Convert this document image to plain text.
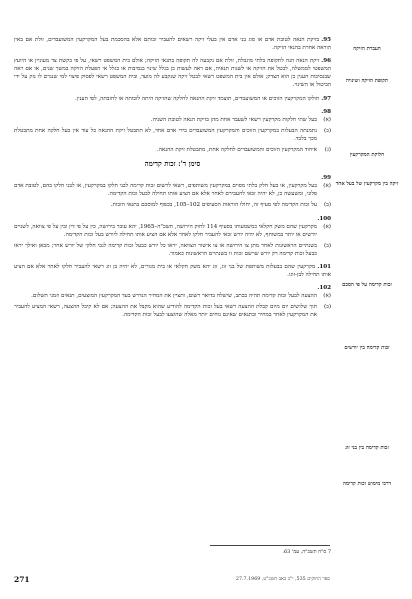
95.בזיקת הנאה לטובת אדם או סוג בני אדם אין בעלי זיקה רשאים להעביר זכותם אלא בהסכמת בעל המקרקעין המשועבדים, זולת אם באין הוראה אחרת בהנאי הזיקה.
96.זיקת הנאה הנה לתקופה בלתי מוגבלת, זולת אם נקבעה לה תקופה בתנאי הזיקה; אולם בית המשפט רשאי, על פי בקשת צד מעוניין או היועץ המשפטי לממשלה, לבטל את הזיקה או לשנות תנאיה, אם ראה לעשות כן בגלל שינוי בנסיבות או בגלל אי הפעלת הזיקה במשך שנים, או אם ראה שבנסיבות הענין כן הוא הצדק; אולם אין בית המשפט רשאי לבטל זיקה שנקבע לה מועד, ובית המשפט רשאי לפסוק פיצוי למי שנגרם לו נזק על ידי הביטול או השינוי.
97.חולקו המקרקעין הזוכים או המשועבדים, תוצמד זיקת ההנאה לחלקה שהזיקה היתה לזכותה או לחובתה, לפי הענין.
98.
(א)
בעל שתי חלקות מקרקעין רשאי לשעבד אחת מהן בזיקת הנאה לטובת השניה.
(ב)
נתמנתה הבעלות במקרקעין הזוכים והמקרקעין המשועבדים בידי אדם אחד, לא תתבטל זיקת ההנאה כל עוד אין בעל חלקה אחת מתבטלת מכך בלבד.
(ג)
איחוד המקרקעין הזוכים והמשועבדים לחלקה אחת, מתבטלת זיקת ההנאה.
סימן ד': זכות קדימה
99.
(א)
בעל מקרקעין, או בעל חלק בלתי מסוים במקרקעין משותפים, רשאי לרשום זכות קדימה לבני חלקו במקרקעין, או לבני חלקו בהם, לטובת אדם פלוני, ומשעשה כן, לא יהיה זכאי להעבירם לאחר אלא אם הציע אותו תחילה לבעל זכות הקדימה.
(ב)
על זכות הקדימה לפי סעיף זה, יחולו הוראות הסעיפים 102–105, בכפוף למוסכם בתנאי הזכות.
100.
(א)
מקרקעין שהם משק חקלאי כמשמעותו בסעיף 114 לחוק הירושה, תשכ"ה–1965, יהא עובר בירושה, כין על פי דין ובין על פי צוואה, לשניים יורשים או יותר במשותף, לא יהיה יורש זכאי להעביר חלקו לאחר אלא אם הציע אותו תחילה ליורש בעל זכות הקדימה.
(ב)
בשנתיים הראשונות לאחר מתן צו הירושה או צו אישור הצוואה, יראו כל יורש כבעל זכות קדימה לגבי חלקי של יורש אחר; מכאן ואילך יראו כבעל זכות קדימה רק יורש שרשם זכות זו בשנתיים הראשונות כאמור.
101.מקרקעין שהם בבעלות משותפת של בני זוג, זוג יהא משק חקלאי או בית מגורים, לא יהיה בן זוג רשאי להעביר חלקו לאחר אלא אם הציע אותו תחילה לבן-זוגו.
102.
(א)
ההצעה לבעל זכות קדימה תהיה בכתב, שישלח בדואר רשום, ותציין את המחיר הנדרש בעד המקרקעין המוצעים, תנאים וזמני תשלום.
(ב)
תוך שלושים יום מיום קבלת ההצעה רשאי בעל זכות הקדימה להודיע שהוא מקבל את ההצעה; אם לא קיבל ההצעה, רשאי המציע להעביר את המקרקעין לאחר במחיר ובתנאים שאינם נוחים יותר מאלה שהוצעו לבעל זכות הקדימה.
העברת הזיקה
תקופת הזיקה ושינויה
חלוקת המקרקעין
זיקה בין מקרקעין של בעל אחד
זכות קדימה על פי הסכם
זכות קדימה בין יורשים
זכות קדימה בין בני זוג
דרכי מימוש זכות קדימה
7 ס"ח תשכ"ה, עמ' 63.
271	ספר החוקים 535, י"ב באב תשכ"ט, 27.7.1969
